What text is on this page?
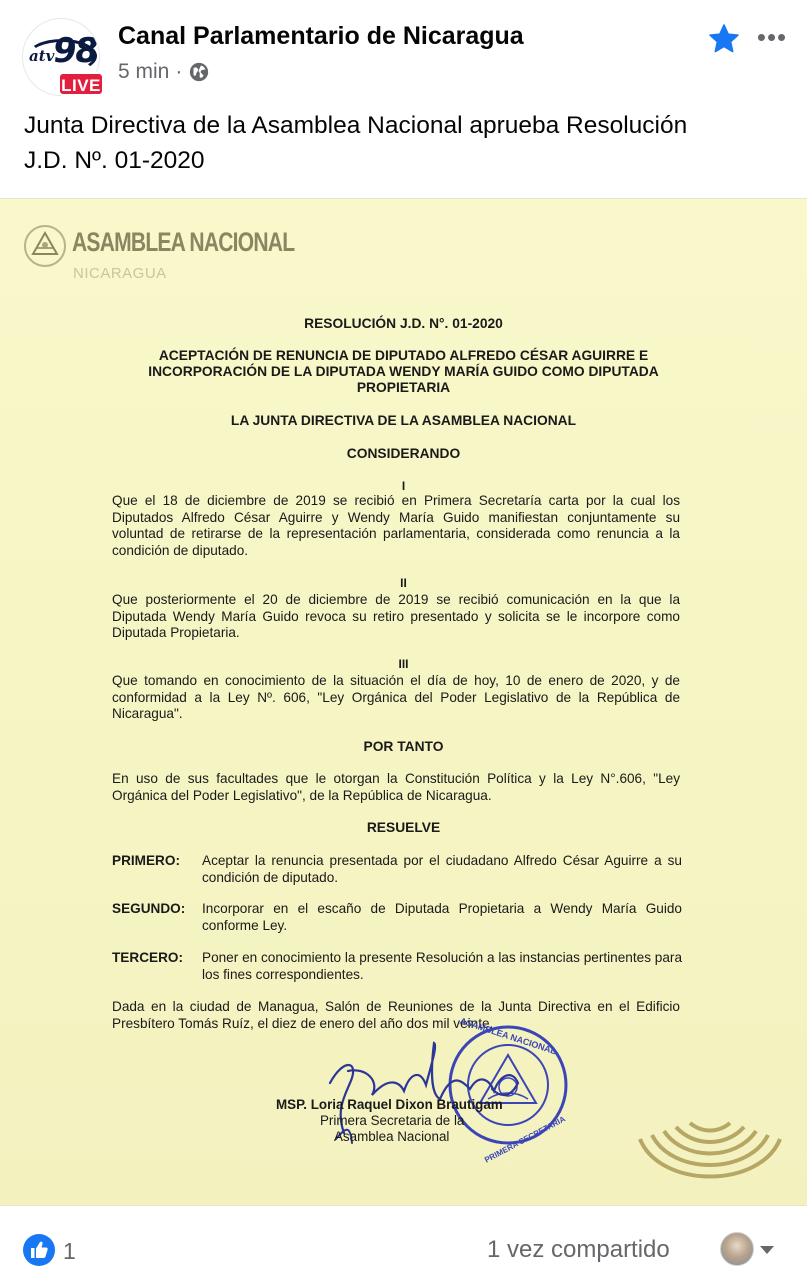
atv
98
LIVE
Canal Parlamentario de Nicaragua
5 min ·
•••
Junta Directiva de la Asamblea Nacional aprueba Resolución
J.D. Nº. 01-2020
ASAMBLEA NACIONAL
NICARAGUA
RESOLUCIÓN J.D. N°. 01-2020
ACEPTACIÓN DE RENUNCIA DE DIPUTADO ALFREDO CÉSAR AGUIRRE E
INCORPORACIÓN DE LA DIPUTADA WENDY MARÍA GUIDO COMO DIPUTADA
PROPIETARIA
LA JUNTA DIRECTIVA DE LA ASAMBLEA NACIONAL
CONSIDERANDO
I
Que el 18 de diciembre de 2019 se recibió en Primera Secretaría carta por la cual los Diputados Alfredo César Aguirre y Wendy María Guido manifiestan conjuntamente su voluntad de retirarse de la representación parlamentaria, considerada como renuncia a la condición de diputado.
II
Que posteriormente el 20 de diciembre de 2019 se recibió comunicación en la que la Diputada Wendy María Guido revoca su retiro presentado y solicita se le incorpore como Diputada Propietaria.
III
Que tomando en conocimiento de la situación el día de hoy, 10 de enero de 2020, y de conformidad a la Ley Nº. 606, "Ley Orgánica del Poder Legislativo de la República de Nicaragua".
POR TANTO
En uso de sus facultades que le otorgan la Constitución Política y la Ley N°.606, "Ley Orgánica del Poder Legislativo", de la República de Nicaragua.
RESUELVE
PRIMERO:	Aceptar la renuncia presentada por el ciudadano Alfredo César Aguirre a su condición de diputado.
SEGUNDO:	Incorporar en el escaño de Diputada Propietaria a Wendy María Guido conforme Ley.
TERCERO:	Poner en conocimiento la presente Resolución a las instancias pertinentes para los fines correspondientes.
Dada en la ciudad de Managua, Salón de Reuniones de la Junta Directiva en el Edificio Presbítero Tomás Ruíz, el diez de enero del año dos mil veinte.
ASAMBLEA NACIONAL
PRIMERA SECRETARIA
MSP. Loria Raquel Dixon Brautigam
Primera Secretaria de la
Asamblea Nacional
1	1 vez compartido
